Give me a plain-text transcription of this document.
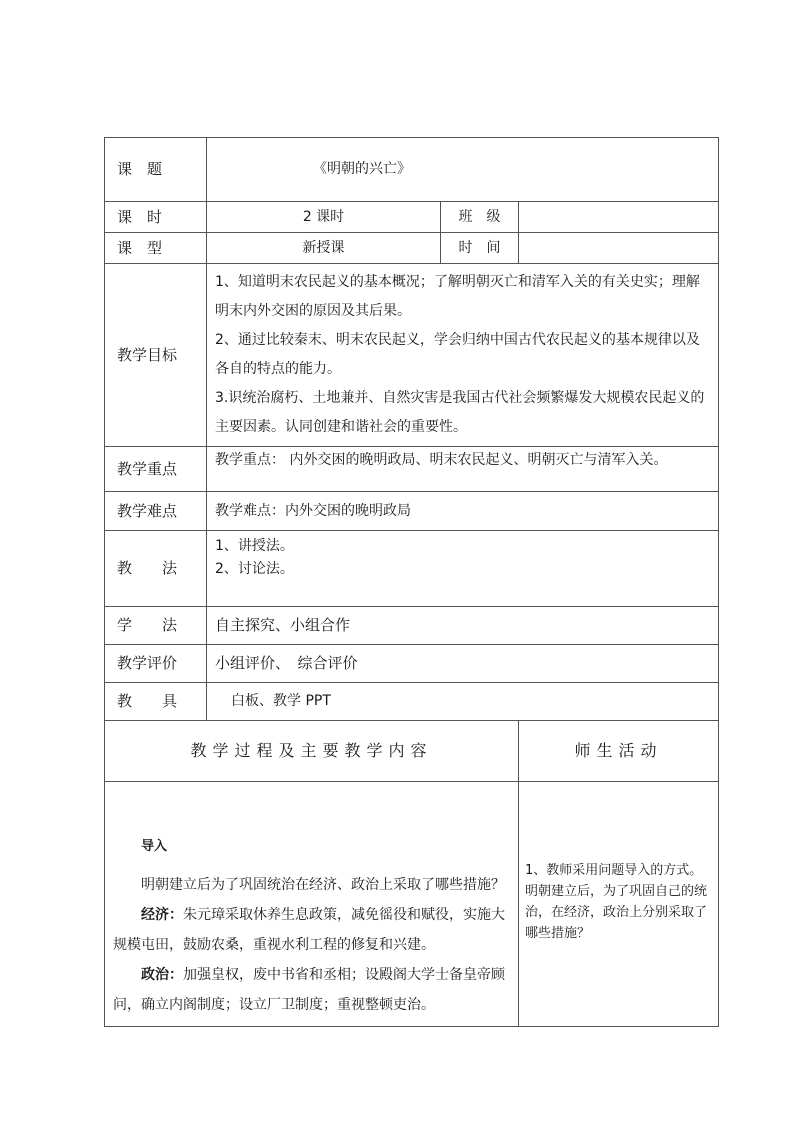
课　题	《明朝的兴亡》		
课　时	2 课时	班　级	
课　型	新授课	时　间	
教学目标	1、知道明末农民起义的基本概况；了解明朝灭亡和清军入关的有关史实；理解明末内外交困的原因及其后果。

2、通过比较秦末、明末农民起义，学会归纳中国古代农民起义的基本规律以及各自的特点的能力。

3.识统治腐朽、土地兼并、自然灾害是我国古代社会频繁爆发大规模农民起义的主要因素。认同创建和谐社会的重要性。		

教学重点	教学重点： 内外交困的晚明政局、明末农民起义、明朝灭亡与清军入关。		
教学难点	教学难点：内外交困的晚明政局		
教　　法	1、讲授法。

2、讨论法。		

学　　法	自主探究、小组合作		
教学评价	小组评价、　综合评价		
教　　具	白板、教学 PPT		
教学过程及主要教学内容			师生活动

导入

明朝建立后为了巩固统治在经济、政治上采取了哪些措施？

经济：朱元璋采取休养生息政策，减免徭役和赋役，实施大规模屯田，鼓励农桑，重视水利工程的修复和兴建。

政治：加强皇权，废中书省和丞相；设殿阁大学士备皇帝顾问，确立内阁制度；设立厂卫制度；重视整顿吏治。			1、教师采用问题导入的方式。明朝建立后，为了巩固自己的统治，在经济，政治上分别采取了哪些措施？
